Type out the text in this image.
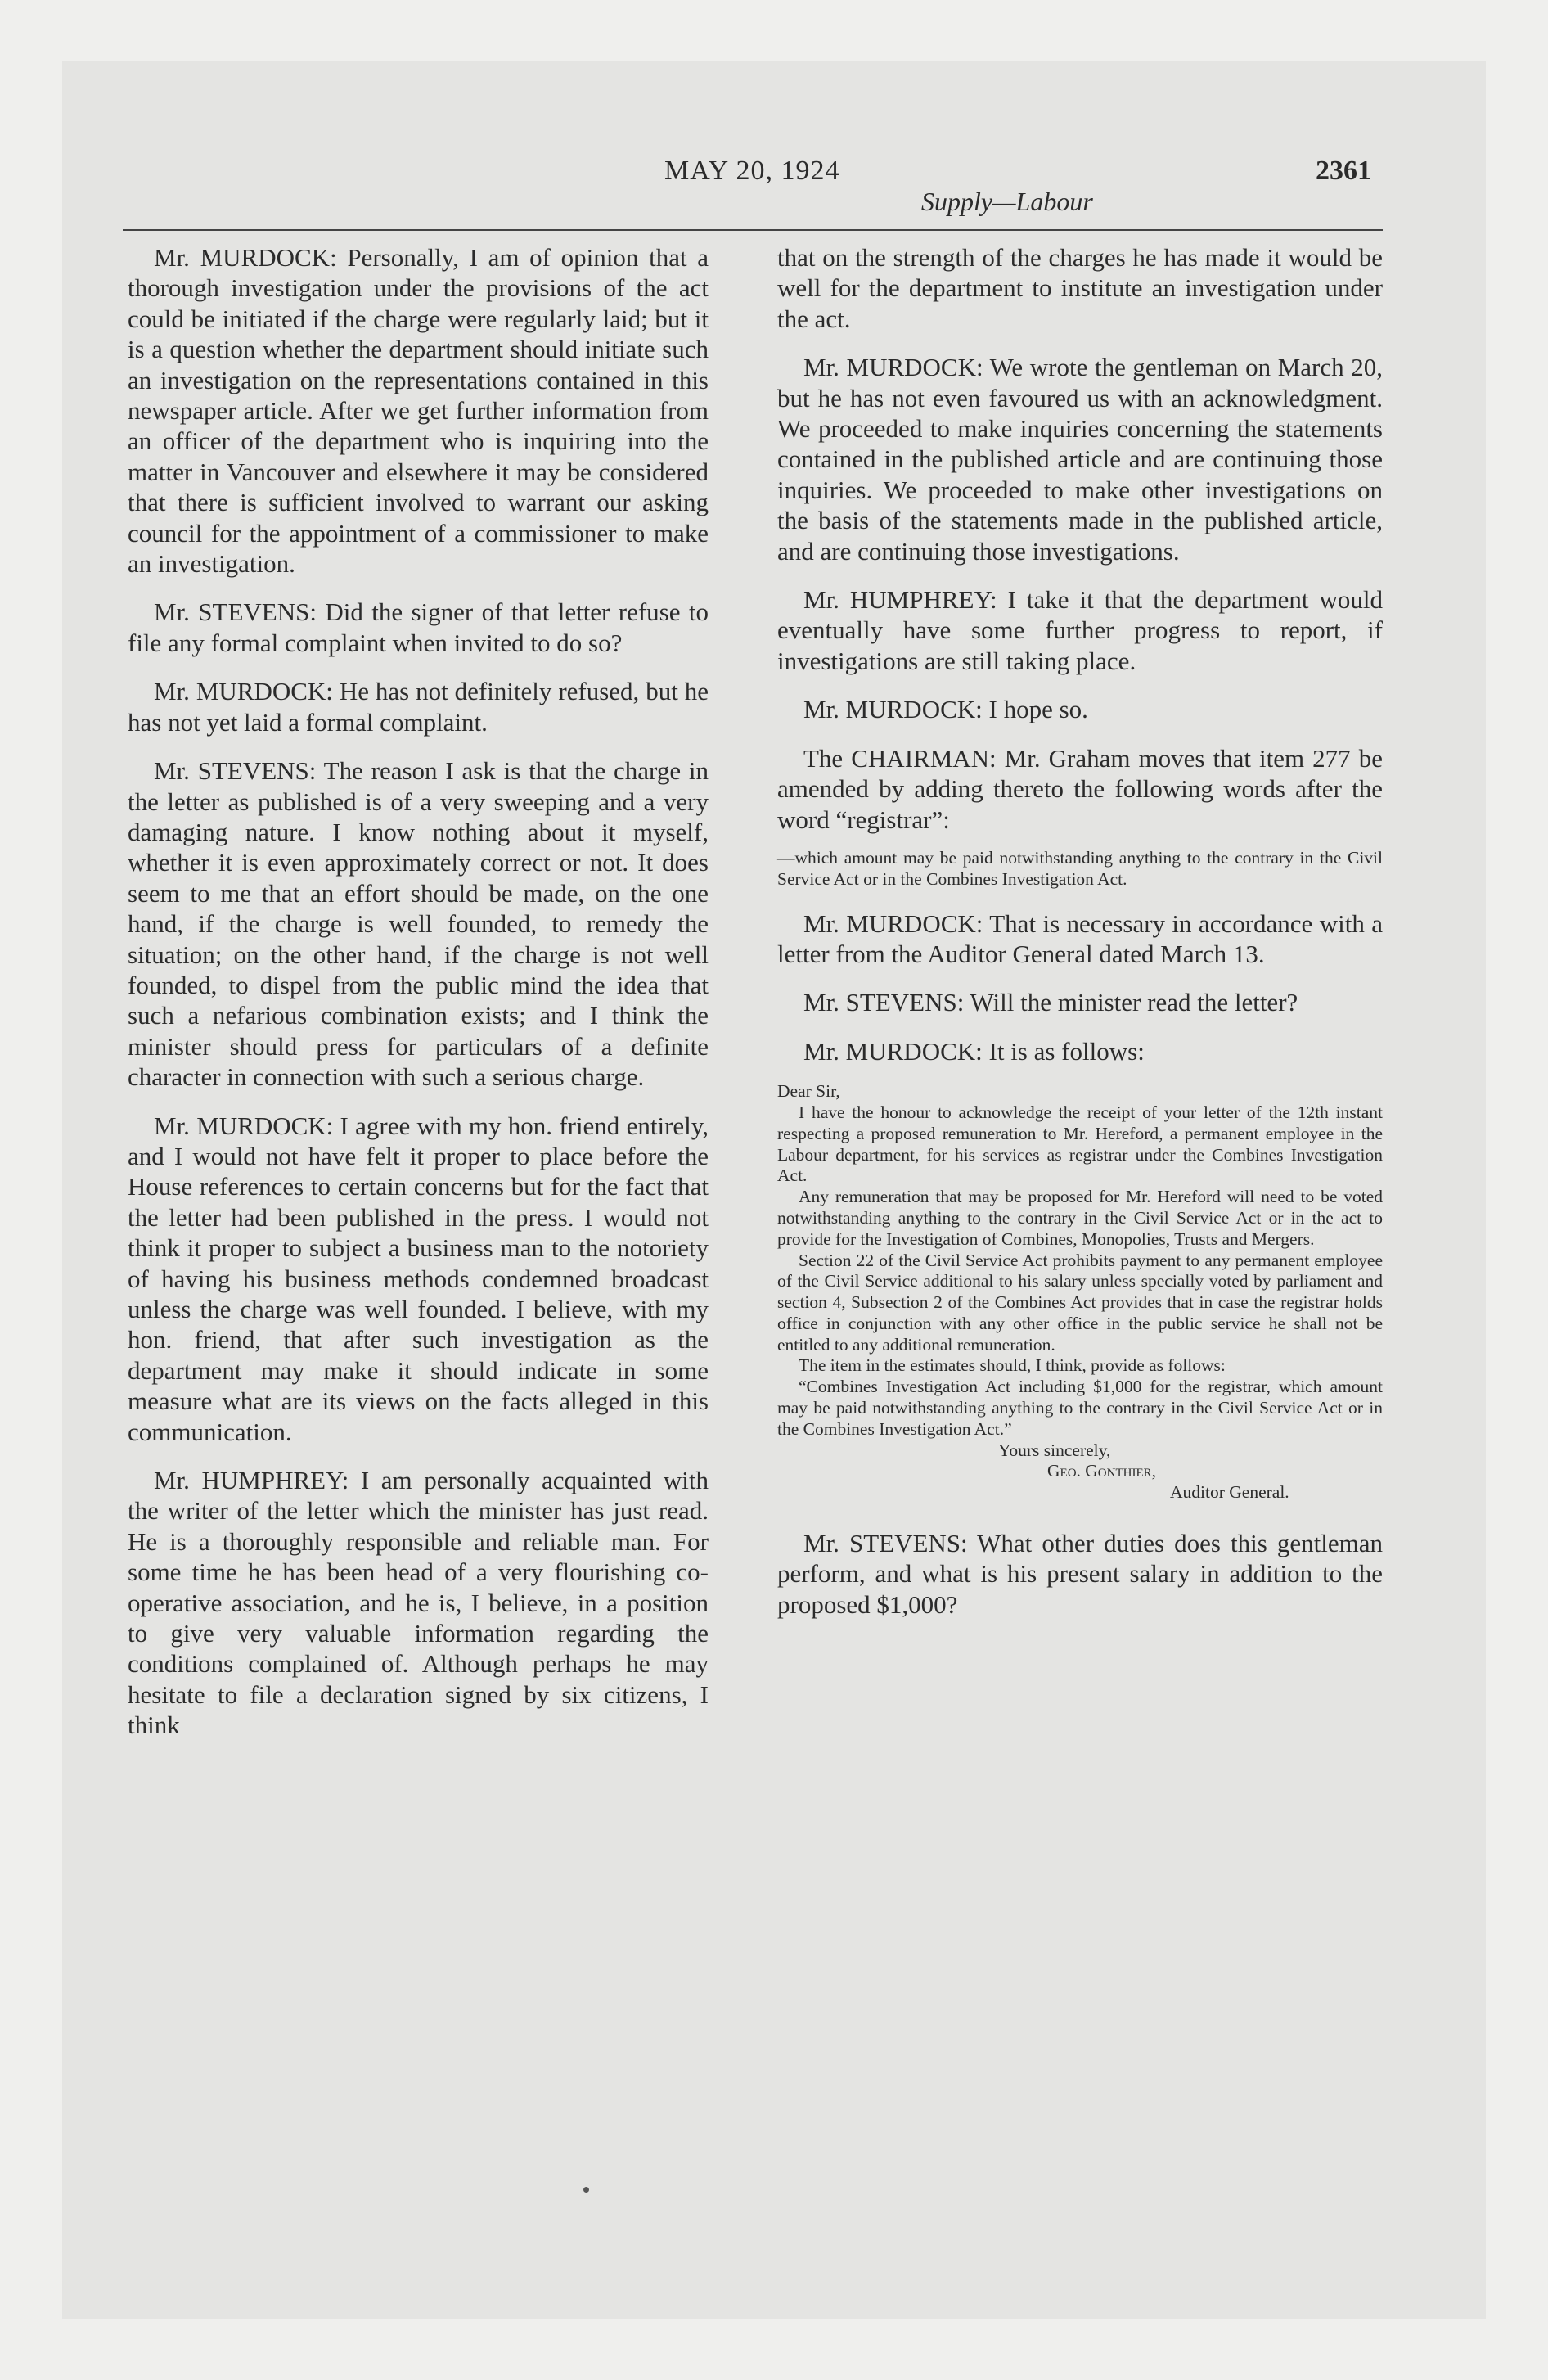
MAY 20, 1924	2361
Supply—Labour

Mr. MURDOCK: Personally, I am of opinion that a thorough investigation under the provisions of the act could be initiated if the charge were regularly laid; but it is a question whether the department should initiate such an investigation on the representations contained in this newspaper article. After we get further information from an officer of the department who is inquiring into the matter in Vancouver and elsewhere it may be considered that there is sufficient involved to warrant our asking council for the appointment of a commissioner to make an investigation.

Mr. STEVENS: Did the signer of that letter refuse to file any formal complaint when invited to do so?

Mr. MURDOCK: He has not definitely refused, but he has not yet laid a formal complaint.

Mr. STEVENS: The reason I ask is that the charge in the letter as published is of a very sweeping and a very damaging nature. I know nothing about it myself, whether it is even approximately correct or not. It does seem to me that an effort should be made, on the one hand, if the charge is well founded, to remedy the situation; on the other hand, if the charge is not well founded, to dispel from the public mind the idea that such a nefarious combination exists; and I think the minister should press for particulars of a definite character in connection with such a serious charge.

Mr. MURDOCK: I agree with my hon. friend entirely, and I would not have felt it proper to place before the House references to certain concerns but for the fact that the letter had been published in the press. I would not think it proper to subject a business man to the notoriety of having his business methods condemned broadcast unless the charge was well founded. I believe, with my hon. friend, that after such investigation as the department may make it should indicate in some measure what are its views on the facts alleged in this communication.

Mr. HUMPHREY: I am personally acquainted with the writer of the letter which the minister has just read. He is a thoroughly responsible and reliable man. For some time he has been head of a very flourishing co-operative association, and he is, I believe, in a position to give very valuable information regarding the conditions complained of. Although perhaps he may hesitate to file a declaration signed by six citizens, I think

that on the strength of the charges he has made it would be well for the department to institute an investigation under the act.

Mr. MURDOCK: We wrote the gentleman on March 20, but he has not even favoured us with an acknowledgment. We proceeded to make inquiries concerning the statements contained in the published article and are continuing those inquiries. We proceeded to make other investigations on the basis of the statements made in the published article, and are continuing those investigations.

Mr. HUMPHREY: I take it that the department would eventually have some further progress to report, if investigations are still taking place.

Mr. MURDOCK: I hope so.

The CHAIRMAN: Mr. Graham moves that item 277 be amended by adding thereto the following words after the word “registrar”:

—which amount may be paid notwithstanding anything to the contrary in the Civil Service Act or in the Combines Investigation Act.

Mr. MURDOCK: That is necessary in accordance with a letter from the Auditor General dated March 13.

Mr. STEVENS: Will the minister read the letter?

Mr. MURDOCK: It is as follows:

Dear Sir,

I have the honour to acknowledge the receipt of your letter of the 12th instant respecting a proposed remuneration to Mr. Hereford, a permanent employee in the Labour department, for his services as registrar under the Combines Investigation Act.

Any remuneration that may be proposed for Mr. Hereford will need to be voted notwithstanding anything to the contrary in the Civil Service Act or in the act to provide for the Investigation of Combines, Monopolies, Trusts and Mergers.

Section 22 of the Civil Service Act prohibits payment to any permanent employee of the Civil Service additional to his salary unless specially voted by parliament and section 4, Subsection 2 of the Combines Act provides that in case the registrar holds office in conjunction with any other office in the public service he shall not be entitled to any additional remuneration.

The item in the estimates should, I think, provide as follows:

“Combines Investigation Act including $1,000 for the registrar, which amount may be paid notwithstanding anything to the contrary in the Civil Service Act or in the Combines Investigation Act.”

Yours sincerely,
Geo. Gonthier,
Auditor General.

Mr. STEVENS: What other duties does this gentleman perform, and what is his present salary in addition to the proposed $1,000?
